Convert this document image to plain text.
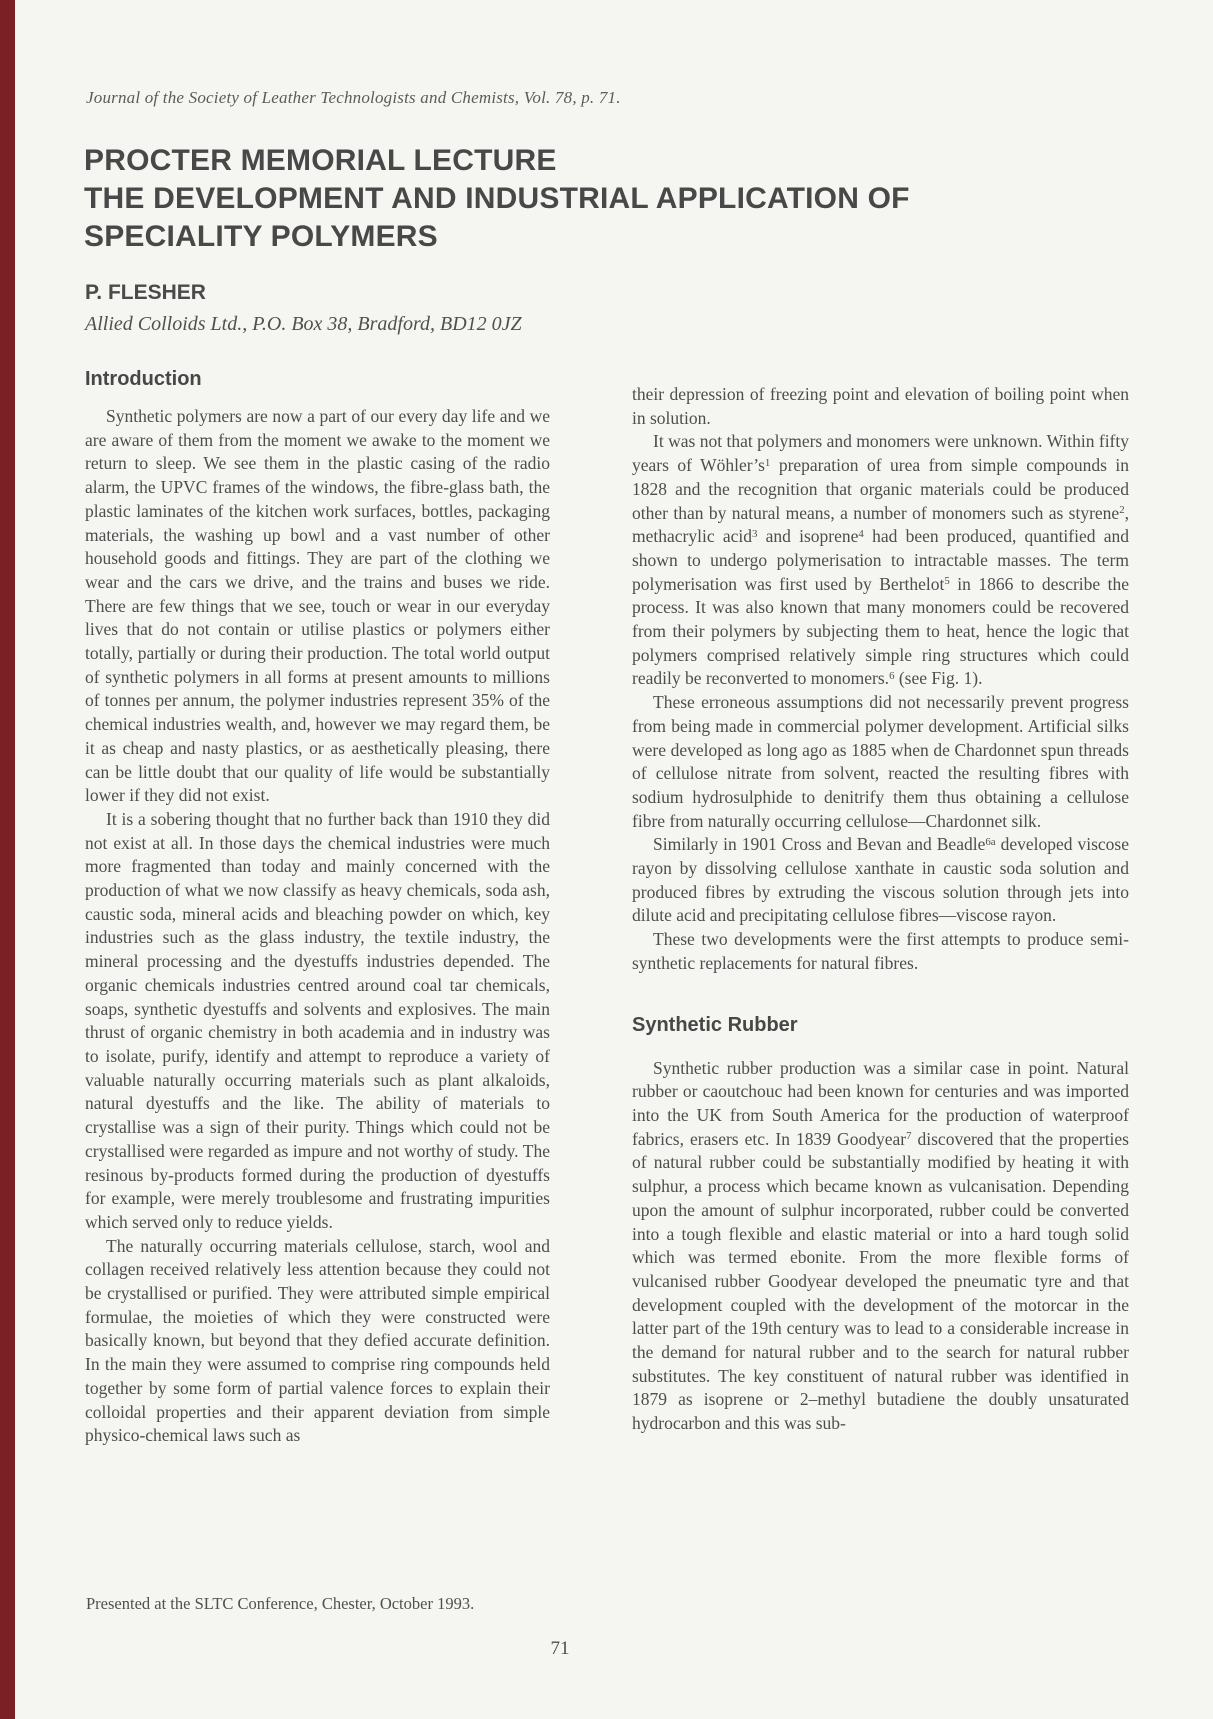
Journal of the Society of Leather Technologists and Chemists, Vol. 78, p. 71.
PROCTER MEMORIAL LECTURE
THE DEVELOPMENT AND INDUSTRIAL APPLICATION OF
SPECIALITY POLYMERS
P. FLESHER
Allied Colloids Ltd., P.O. Box 38, Bradford, BD12 0JZ
Introduction

Synthetic polymers are now a part of our every day life and we are aware of them from the moment we awake to the moment we return to sleep. We see them in the plastic casing of the radio alarm, the UPVC frames of the windows, the fibre-glass bath, the plastic laminates of the kitchen work surfaces, bottles, packaging materials, the washing up bowl and a vast number of other household goods and fittings. They are part of the clothing we wear and the cars we drive, and the trains and buses we ride. There are few things that we see, touch or wear in our everyday lives that do not contain or utilise plastics or polymers either totally, partially or during their production. The total world output of synthetic polymers in all forms at present amounts to millions of tonnes per annum, the polymer industries represent 35% of the chemical industries wealth, and, however we may regard them, be it as cheap and nasty plastics, or as aesthetically pleasing, there can be little doubt that our quality of life would be substantially lower if they did not exist.

It is a sobering thought that no further back than 1910 they did not exist at all. In those days the chemical industries were much more fragmented than today and mainly concerned with the production of what we now classify as heavy chemicals, soda ash, caustic soda, mineral acids and bleaching powder on which, key industries such as the glass industry, the textile industry, the mineral processing and the dyestuffs industries depended. The organic chemicals industries centred around coal tar chemicals, soaps, synthetic dyestuffs and solvents and explosives. The main thrust of organic chemistry in both academia and in industry was to isolate, purify, identify and attempt to reproduce a variety of valuable naturally occurring materials such as plant alkaloids, natural dyestuffs and the like. The ability of materials to crystallise was a sign of their purity. Things which could not be crystallised were regarded as impure and not worthy of study. The resinous by-products formed during the production of dyestuffs for example, were merely troublesome and frustrating impurities which served only to reduce yields.

The naturally occurring materials cellulose, starch, wool and collagen received relatively less attention because they could not be crystallised or purified. They were attributed simple empirical formulae, the moieties of which they were constructed were basically known, but beyond that they defied accurate definition. In the main they were assumed to comprise ring compounds held together by some form of partial valence forces to explain their colloidal properties and their apparent deviation from simple physico-chemical laws such as

their depression of freezing point and elevation of boiling point when in solution.

It was not that polymers and monomers were unknown. Within fifty years of Wöhler’s$^1$ preparation of urea from simple compounds in 1828 and the recognition that organic materials could be produced other than by natural means, a number of monomers such as styrene$^2$, methacrylic acid$^3$ and isoprene$^4$ had been produced, quantified and shown to undergo polymerisation to intractable masses. The term polymerisation was first used by Berthelot$^5$ in 1866 to describe the process. It was also known that many monomers could be recovered from their polymers by subjecting them to heat, hence the logic that polymers comprised relatively simple ring structures which could readily be reconverted to monomers.$^6$ (see Fig. 1).

These erroneous assumptions did not necessarily prevent progress from being made in commercial polymer development. Artificial silks were developed as long ago as 1885 when de Chardonnet spun threads of cellulose nitrate from solvent, reacted the resulting fibres with sodium hydrosulphide to denitrify them thus obtaining a cellulose fibre from naturally occurring cellulose—Chardonnet silk.

Similarly in 1901 Cross and Bevan and Beadle$^{6a}$ developed viscose rayon by dissolving cellulose xanthate in caustic soda solution and produced fibres by extruding the viscous solution through jets into dilute acid and precipitating cellulose fibres—viscose rayon.

These two developments were the first attempts to produce semi-synthetic replacements for natural fibres.

Synthetic Rubber

Synthetic rubber production was a similar case in point. Natural rubber or caoutchouc had been known for centuries and was imported into the UK from South America for the production of waterproof fabrics, erasers etc. In 1839 Goodyear$^7$ discovered that the properties of natural rubber could be substantially modified by heating it with sulphur, a process which became known as vulcanisation. Depending upon the amount of sulphur incorporated, rubber could be converted into a tough flexible and elastic material or into a hard tough solid which was termed ebonite. From the more flexible forms of vulcanised rubber Goodyear developed the pneumatic tyre and that development coupled with the development of the motorcar in the latter part of the 19th century was to lead to a considerable increase in the demand for natural rubber and to the search for natural rubber substitutes. The key constituent of natural rubber was identified in 1879 as isoprene or 2–methyl butadiene the doubly unsaturated hydrocarbon and this was sub-

Presented at the SLTC Conference, Chester, October 1993.
71
